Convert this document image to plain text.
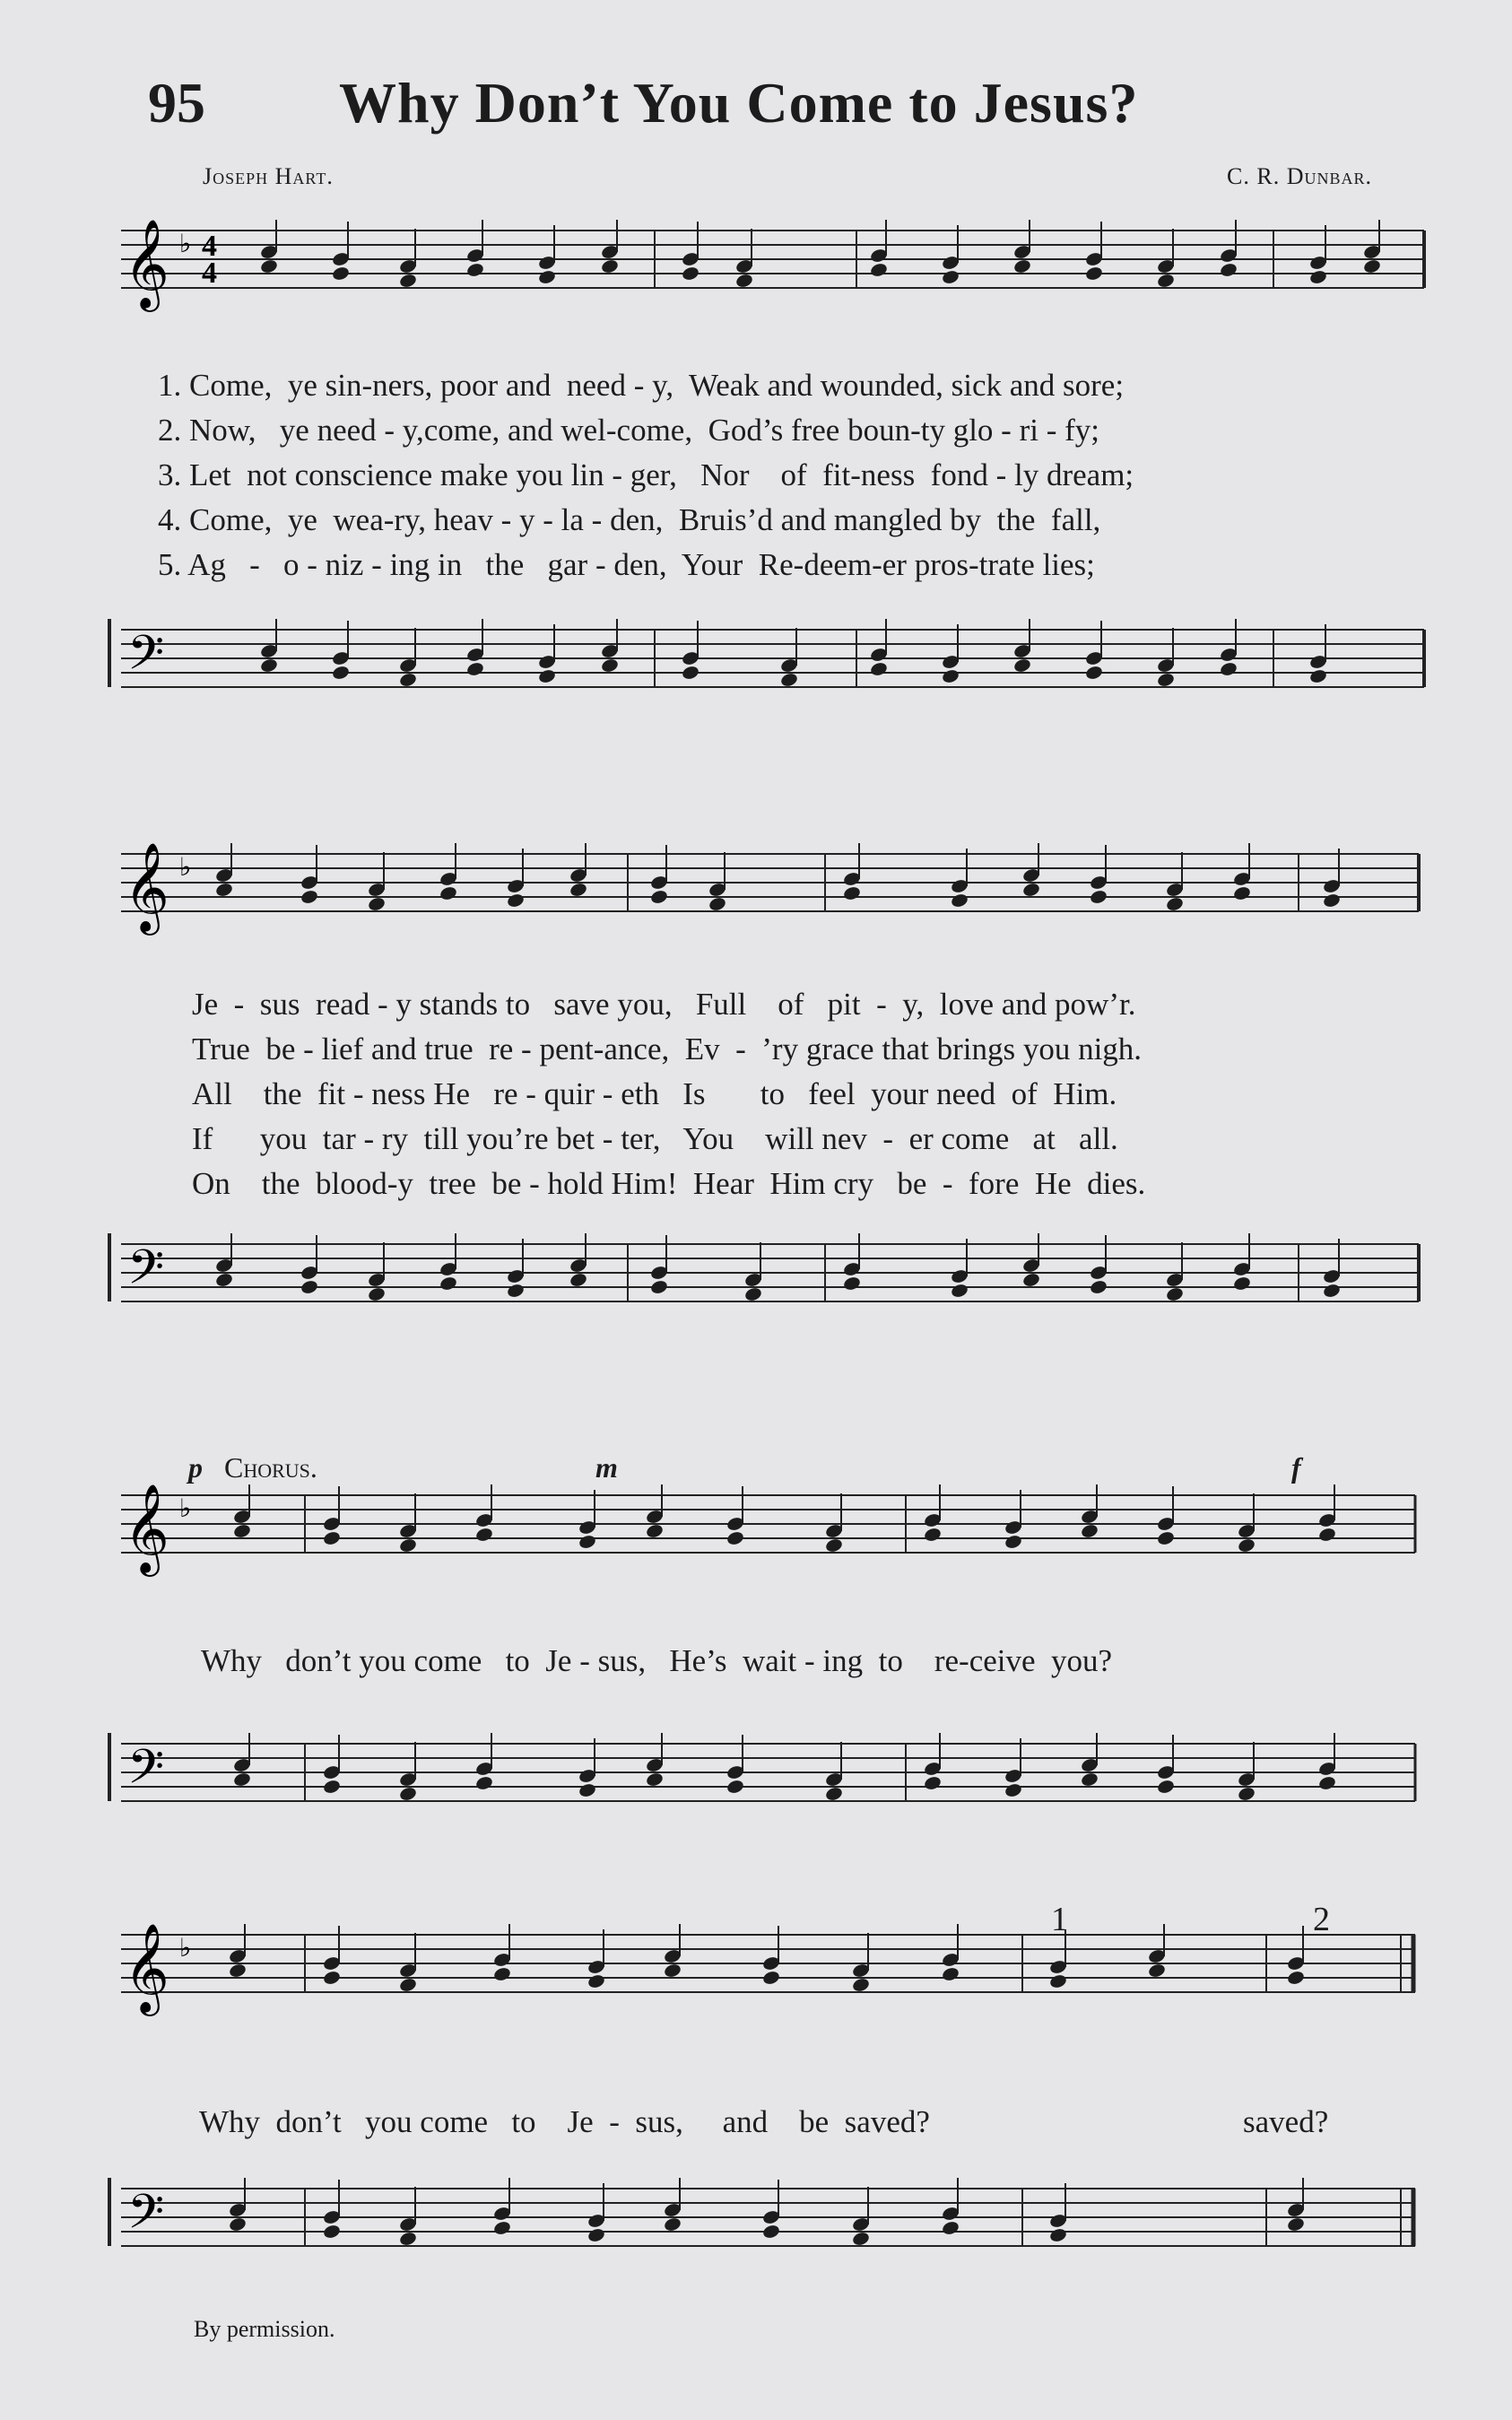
95 Why Don’t You Come to Jesus?
Joseph Hart.	C. R. Dunbar.
𝄞 4
4
♭
1. Come,  ye sin-ners, poor and  need - y,  Weak and wounded, sick and sore;
2. Now,   ye need - y,come, and wel-come,  God’s free boun-ty glo - ri - fy;
3. Let  not conscience make you lin - ger,   Nor    of  fit-ness  fond - ly dream;
4. Come,  ye  wea-ry, heav - y - la - den,  Bruis’d and mangled by  the  fall,
5. Ag   -   o - niz - ing in   the   gar - den,  Your  Re-deem-er pros-trate lies;
𝄢
𝄞 ♭
Je  -  sus  read - y stands to   save you,   Full    of   pit  -  y,  love and pow’r.
True  be - lief and true  re - pent-ance,  Ev  -  ’ry grace that brings you nigh.
All    the  fit - ness He   re - quir - eth   Is       to   feel  your need  of  Him.
If      you  tar - ry  till you’re bet - ter,   You    will nev  -  er come   at   all.
On    the  blood-y  tree  be - hold Him!  Hear  Him cry   be  -  fore  He  dies.
𝄢
p Chorus.	m	f
𝄞 ♭
Why   don’t you come   to  Je - sus,   He’s  wait - ing  to    re-ceive  you?
𝄢
1	2
𝄞 ♭
Why  don’t   you come   to    Je  -  sus,     and    be  saved?	saved?
𝄢
By permission.
